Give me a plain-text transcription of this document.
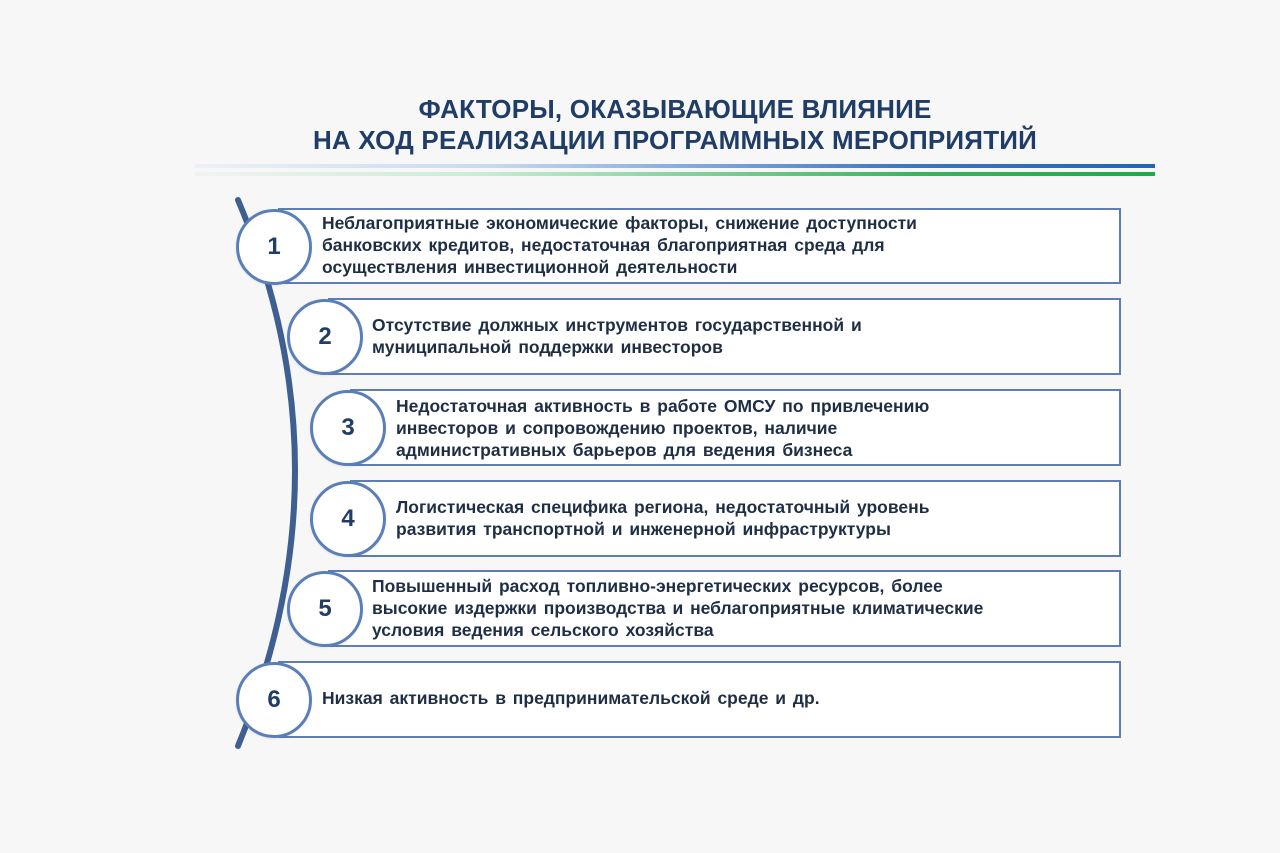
ФАКТОРЫ, ОКАЗЫВАЮЩИЕ ВЛИЯНИЕ
НА ХОД РЕАЛИЗАЦИИ ПРОГРАММНЫХ МЕРОПРИЯТИЙ
Неблагоприятные экономические факторы, снижение доступности
банковских кредитов, недостаточная благоприятная среда для
осуществления инвестиционной деятельности
1
Отсутствие должных инструментов государственной и
муниципальной поддержки инвесторов
2
Недостаточная активность в работе ОМСУ по привлечению
инвесторов и сопровождению проектов, наличие
административных барьеров для ведения бизнеса
3
Логистическая специфика региона, недостаточный уровень
развития транспортной и инженерной инфраструктуры
4
Повышенный расход топливно-энергетических ресурсов, более
высокие издержки производства и неблагоприятные климатические
условия ведения сельского хозяйства
5
Низкая активность в предпринимательской среде и др.
6
